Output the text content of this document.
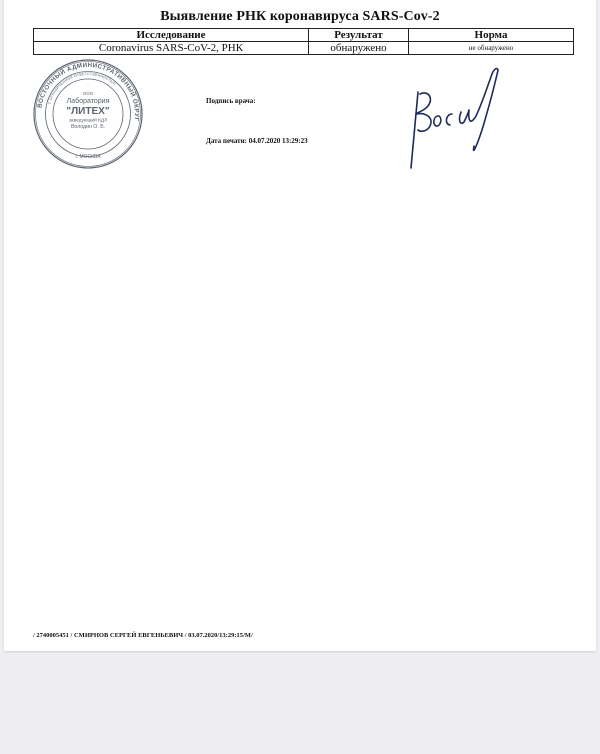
Выявление РНК коронавируса SARS-Cov-2
Исследование	Результат	Норма
Coronavirus SARS-CoV-2, РНК	обнаружено	не обнаружено
ВОСТОЧНЫЙ АДМИНИСТРАТИВНЫЙ ОКРУГ
С ОГРАНИЧЕННОЙ ОТВЕТСТВЕННОСТЬЮ
ООО
Лаборатория
"ЛИТЕХ"
заведующий КДЛ
Володин О. Б.
г. МОСКВА
Подпись врача:
Дата печати: 04.07.2020 13:29:23
/ 2740005451 / СМИРНОВ СЕРГЕЙ ЕВГЕНЬЕВИЧ / 03.07.2020/13:29:15/М/
